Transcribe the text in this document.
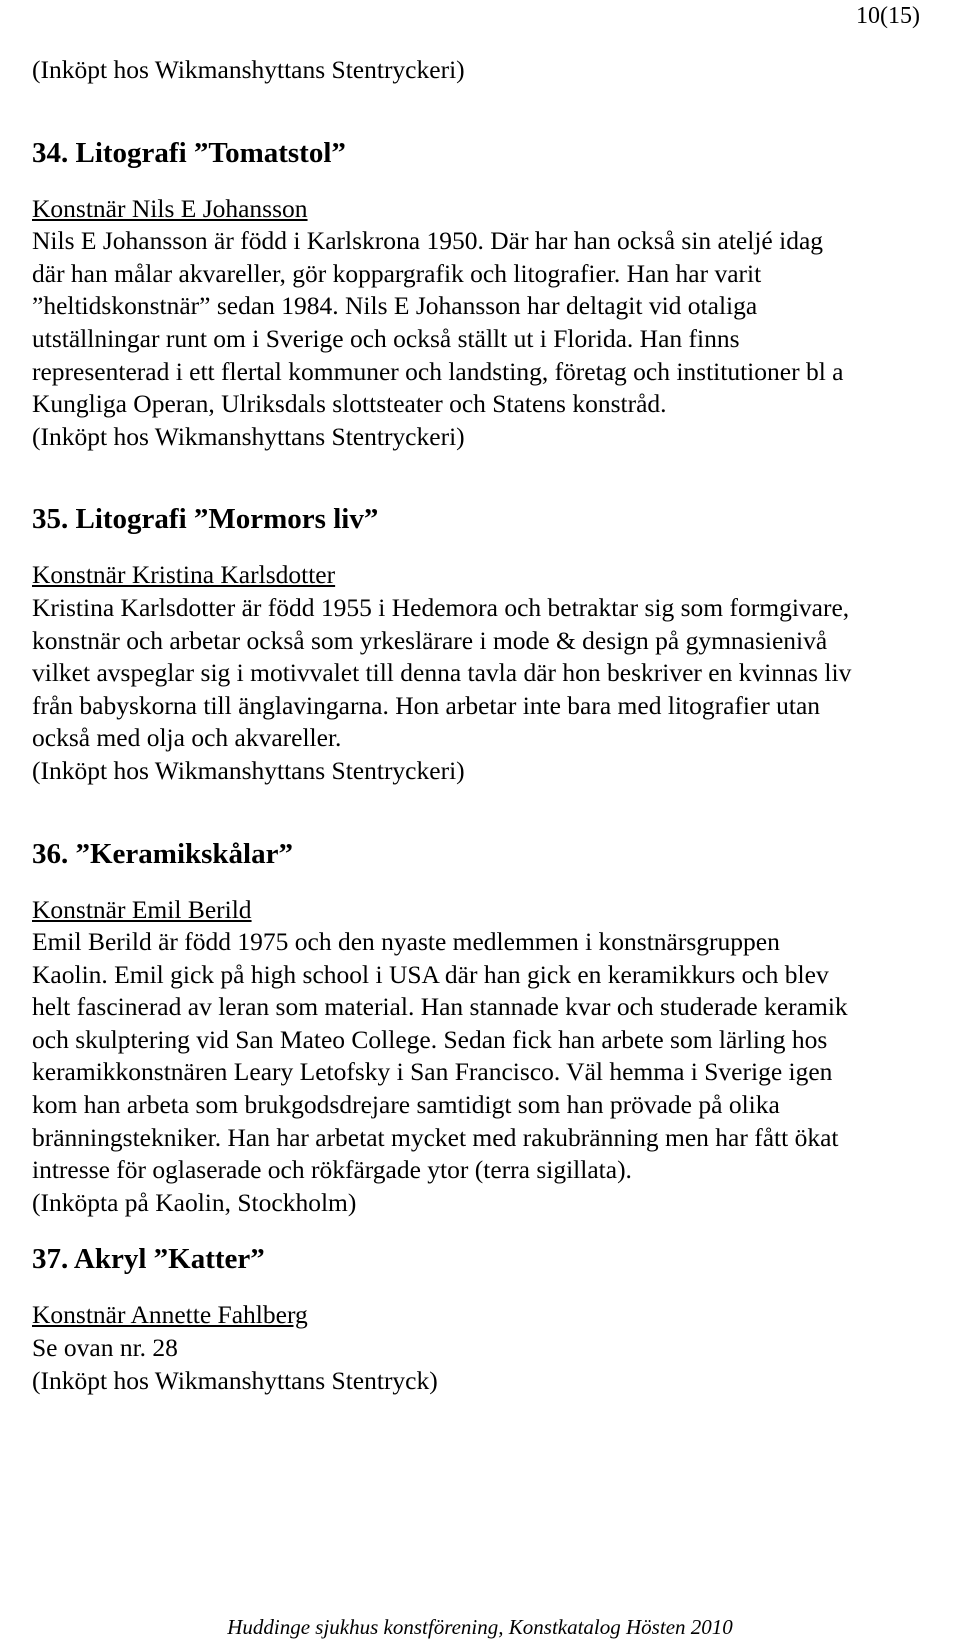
10(15)
(Inköpt hos Wikmanshyttans Stentryckeri)
34. Litografi ”Tomatstol”
Konstnär Nils E Johansson
Nils E Johansson är född i Karlskrona 1950. Där har han också sin ateljé idag
där han målar akvareller, gör koppargrafik och litografier. Han har varit
”heltidskonstnär” sedan 1984. Nils E Johansson har deltagit vid otaliga
utställningar runt om i Sverige och också ställt ut i Florida. Han finns
representerad i ett flertal kommuner och landsting, företag och institutioner bl a
Kungliga Operan, Ulriksdals slottsteater och Statens konstråd.
(Inköpt hos Wikmanshyttans Stentryckeri)
35. Litografi ”Mormors liv”
Konstnär Kristina Karlsdotter
Kristina Karlsdotter är född 1955 i Hedemora och betraktar sig som formgivare,
konstnär och arbetar också som yrkeslärare i mode & design på gymnasienivå
vilket avspeglar sig i motivvalet till denna tavla där hon beskriver en kvinnas liv
från babyskorna till änglavingarna. Hon arbetar inte bara med litografier utan
också med olja och akvareller.
(Inköpt hos Wikmanshyttans Stentryckeri)
36. ”Keramikskålar”
Konstnär Emil Berild
Emil Berild är född 1975 och den nyaste medlemmen i konstnärsgruppen
Kaolin. Emil gick på high school i USA där han gick en keramikkurs och blev
helt fascinerad av leran som material. Han stannade kvar och studerade keramik
och skulptering vid San Mateo College. Sedan fick han arbete som lärling hos
keramikkonstnären Leary Letofsky i San Francisco. Väl hemma i Sverige igen
kom han arbeta som brukgodsdrejare samtidigt som han prövade på olika
bränningstekniker. Han har arbetat mycket med rakubränning men har fått ökat
intresse för oglaserade och rökfärgade ytor (terra sigillata).
(Inköpta på Kaolin, Stockholm)
37. Akryl ”Katter”
Konstnär Annette Fahlberg
Se ovan nr. 28
(Inköpt hos Wikmanshyttans Stentryck)
Huddinge sjukhus konstförening, Konstkatalog Hösten 2010
